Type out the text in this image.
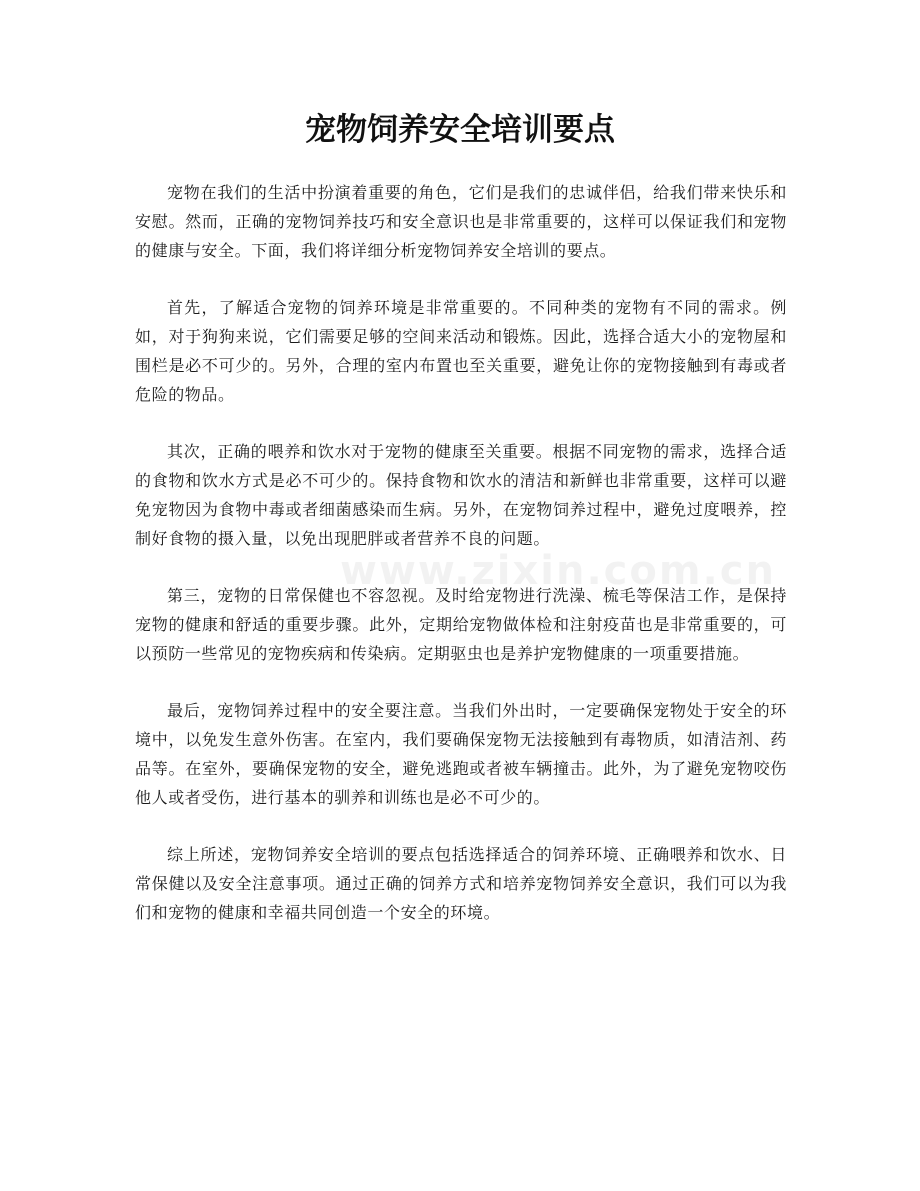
宠物饲养安全培训要点
www.zixin.com.cn

宠物在我们的生活中扮演着重要的角色，它们是我们的忠诚伴侣，给我们带来快乐和安慰。然而，正确的宠物饲养技巧和安全意识也是非常重要的，这样可以保证我们和宠物的健康与安全。下面，我们将详细分析宠物饲养安全培训的要点。

首先，了解适合宠物的饲养环境是非常重要的。不同种类的宠物有不同的需求。例如，对于狗狗来说，它们需要足够的空间来活动和锻炼。因此，选择合适大小的宠物屋和围栏是必不可少的。另外，合理的室内布置也至关重要，避免让你的宠物接触到有毒或者危险的物品。

其次，正确的喂养和饮水对于宠物的健康至关重要。根据不同宠物的需求，选择合适的食物和饮水方式是必不可少的。保持食物和饮水的清洁和新鲜也非常重要，这样可以避免宠物因为食物中毒或者细菌感染而生病。另外，在宠物饲养过程中，避免过度喂养，控制好食物的摄入量，以免出现肥胖或者营养不良的问题。

第三，宠物的日常保健也不容忽视。及时给宠物进行洗澡、梳毛等保洁工作，是保持宠物的健康和舒适的重要步骤。此外，定期给宠物做体检和注射疫苗也是非常重要的，可以预防一些常见的宠物疾病和传染病。定期驱虫也是养护宠物健康的一项重要措施。

最后，宠物饲养过程中的安全要注意。当我们外出时，一定要确保宠物处于安全的环境中，以免发生意外伤害。在室内，我们要确保宠物无法接触到有毒物质，如清洁剂、药品等。在室外，要确保宠物的安全，避免逃跑或者被车辆撞击。此外，为了避免宠物咬伤他人或者受伤，进行基本的驯养和训练也是必不可少的。

综上所述，宠物饲养安全培训的要点包括选择适合的饲养环境、正确喂养和饮水、日常保健以及安全注意事项。通过正确的饲养方式和培养宠物饲养安全意识，我们可以为我们和宠物的健康和幸福共同创造一个安全的环境。
